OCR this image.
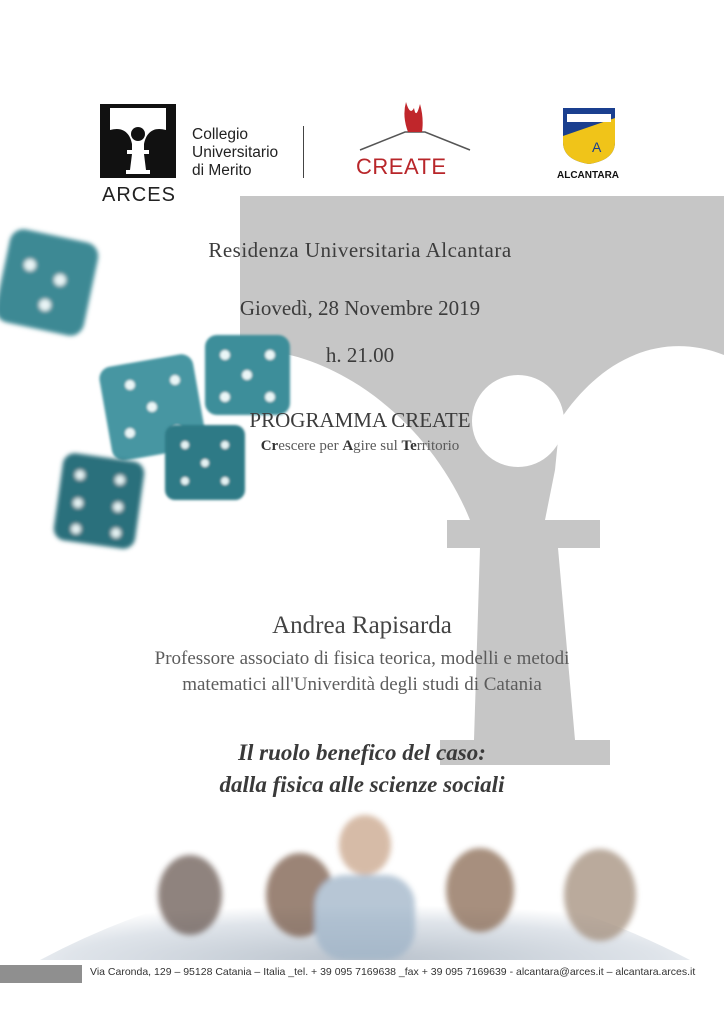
ARCES
Collegio
Universitario
di Merito	CREATE
A
ALCANTARA
Residenza Universitaria Alcantara
Giovedì, 28 Novembre 2019
h. 21.00
PROGRAMMA CREATE
Crescere per Agire sul Territorio
Andrea Rapisarda
Professore associato di fisica teorica, modelli e metodi
matematici all'Univerdità degli studi di Catania
Il ruolo benefico del caso:
dalla fisica alle scienze sociali
Via Caronda, 129 – 95128 Catania – Italia _tel. + 39 095 7169638 _fax + 39 095 7169639 - alcantara@arces.it – alcantara.arces.it
